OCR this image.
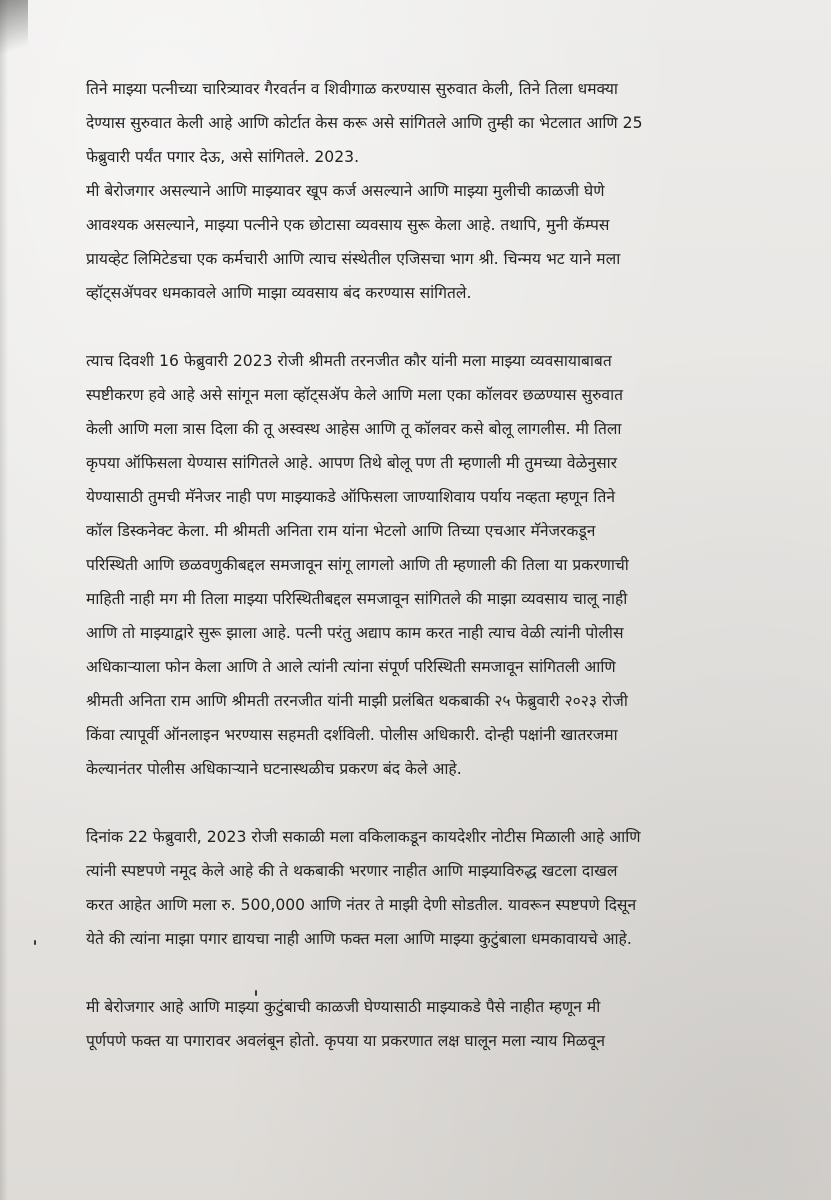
तिने माझ्या पत्नीच्या चारित्र्यावर गैरवर्तन व शिवीगाळ करण्यास सुरुवात केली, तिने तिला धमक्या
देण्यास सुरुवात केली आहे आणि कोर्टात केस करू असे सांगितले आणि तुम्ही का भेटलात आणि 25
फेब्रुवारी पर्यंत पगार देऊ, असे सांगितले. 2023.

मी बेरोजगार असल्याने आणि माझ्यावर खूप कर्ज असल्याने आणि माझ्या मुलीची काळजी घेणे
आवश्यक असल्याने, माझ्या पत्नीने एक छोटासा व्यवसाय सुरू केला आहे. तथापि, मुनी कॅम्पस
प्रायव्हेट लिमिटेडचा एक कर्मचारी आणि त्याच संस्थेतील एजिसचा भाग श्री. चिन्मय भट याने मला
व्हॉट्सॲपवर धमकावले आणि माझा व्यवसाय बंद करण्यास सांगितले.

त्याच दिवशी 16 फेब्रुवारी 2023 रोजी श्रीमती तरनजीत कौर यांनी मला माझ्या व्यवसायाबाबत
स्पष्टीकरण हवे आहे असे सांगून मला व्हॉट्सॲप केले आणि मला एका कॉलवर छळण्यास सुरुवात
केली आणि मला त्रास दिला की तू अस्वस्थ आहेस आणि तू कॉलवर कसे बोलू लागलीस. मी तिला
कृपया ऑफिसला येण्यास सांगितले आहे. आपण तिथे बोलू पण ती म्हणाली मी तुमच्या वेळेनुसार
येण्यासाठी तुमची मॅनेजर नाही पण माझ्याकडे ऑफिसला जाण्याशिवाय पर्याय नव्हता म्हणून तिने
कॉल डिस्कनेक्ट केला. मी श्रीमती अनिता राम यांना भेटलो आणि तिच्या एचआर मॅनेजरकडून
परिस्थिती आणि छळवणुकीबद्दल समजावून सांगू लागलो आणि ती म्हणाली की तिला या प्रकरणाची
माहिती नाही मग मी तिला माझ्या परिस्थितीबद्दल समजावून सांगितले की माझा व्यवसाय चालू नाही
आणि तो माझ्याद्वारे सुरू झाला आहे. पत्नी परंतु अद्याप काम करत नाही त्याच वेळी त्यांनी पोलीस
अधिकाऱ्याला फोन केला आणि ते आले त्यांनी त्यांना संपूर्ण परिस्थिती समजावून सांगितली आणि
श्रीमती अनिता राम आणि श्रीमती तरनजीत यांनी माझी प्रलंबित थकबाकी २५ फेब्रुवारी २०२३ रोजी
किंवा त्यापूर्वी ऑनलाइन भरण्यास सहमती दर्शविली. पोलीस अधिकारी. दोन्ही पक्षांनी खातरजमा
केल्यानंतर पोलीस अधिकाऱ्याने घटनास्थळीच प्रकरण बंद केले आहे.

दिनांक 22 फेब्रुवारी, 2023 रोजी सकाळी मला वकिलाकडून कायदेशीर नोटीस मिळाली आहे आणि
त्यांनी स्पष्टपणे नमूद केले आहे की ते थकबाकी भरणार नाहीत आणि माझ्याविरुद्ध खटला दाखल
करत आहेत आणि मला रु. 500,000 आणि नंतर ते माझी देणी सोडतील. यावरून स्पष्टपणे दिसून
येते की त्यांना माझा पगार द्यायचा नाही आणि फक्त मला आणि माझ्या कुटुंबाला धमकावायचे आहे.

मी बेरोजगार आहे आणि माझ्या कुटुंबाची काळजी घेण्यासाठी माझ्याकडे पैसे नाहीत म्हणून मी
पूर्णपणे फक्त या पगारावर अवलंबून होतो. कृपया या प्रकरणात लक्ष घालून मला न्याय मिळवून
